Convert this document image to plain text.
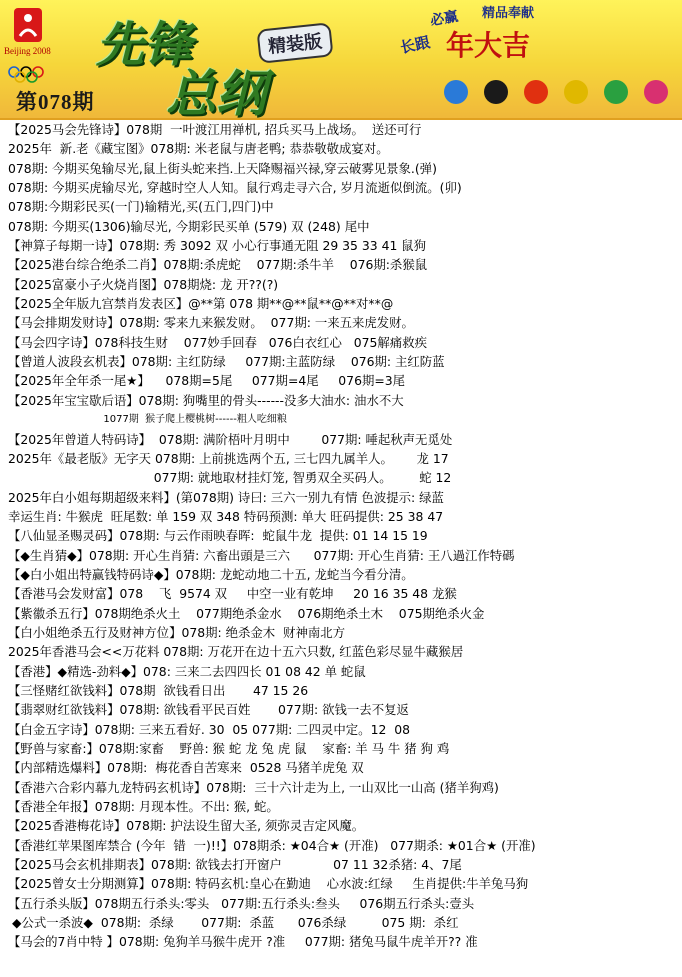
Beijing 2008
第078期
先锋
总纲
精装版
必赢 精品奉献
长跟 年大吉
【2025马会先锋诗】078期  一叶渡江用禅机, 招兵买马上战场。  送还可行
2025年  新.老《藏宝图》078期: 米老鼠与唐老鸭; 恭恭敬敬成宴对。
078期: 今期买兔输尽光,鼠上街头蛇来挡.上天降赐福兴禄,穿云破雾见景象.(弹)
078期: 今期买虎输尽光, 穿越时空人人知。鼠行鸡走寻六合, 岁月流逝似倒流。(卯)
078期:今期彩民买(一门)输精光,买(五门,四门)中
078期: 今期买(1306)输尽光, 今期彩民买单 (579) 双 (248) 尾中
【神算子每期一诗】078期: 秀 3092 双 小心行事通无阻 29 35 33 41 鼠狗
【2025港台综合绝杀二肖】078期:杀虎蛇    077期:杀牛羊    076期:杀猴鼠
【2025富豪小子火烧肖图】078期烧: 龙 开??(?)
【2025全年版九宫禁肖发表区】@**第 078 期**@**鼠**@**对**@
【马会排期发财诗】078期: 零来九来猴发财。  077期: 一来五来虎发财。
【马会四字诗】078科技生财    077妙手回春   076白衣红心   075解痛救疾
【曾道人波段玄机表】078期: 主红防绿     077期:主蓝防绿    076期: 主红防蓝
【2025年全年杀一尾★】    078期=5尾     077期=4尾     076期=3尾
【2025年宝宝歇后语】078期: 狗嘴里的骨头------没多大油水: 油水不大
1077期  猴子爬上樱桃树------粗人吃细粮
【2025年曾道人特码诗】  078期: 满阶梧叶月明中        077期: 唾起秋声无觅处
2025年《最老版》无字天 078期: 上前挑选两个五, 三七四九属羊人。      龙 17
077期: 就地取材挂灯笼, 智勇双全买码人。       蛇 12
2025年白小姐每期超级来料】(第078期) 诗曰: 三六一别九有情 色波提示: 绿蓝
幸运生肖: 牛猴虎  旺尾数: 单 159 双 348 特码预测: 单大 旺码提供: 25 38 47
【八仙显圣赐灵码】078期: 与云作雨映春晖:  蛇鼠牛龙  提供: 01 14 15 19
【◆生肖猜◆】078期: 开心生肖猜: 六畜出頭是三六      077期: 开心生肖猜: 王八過江作特碼
【◆白小姐出特赢钱特码诗◆】078期: 龙蛇动地二十五, 龙蛇当今看分清。
【香港马会发财富】078    飞  9574 双     中空一业有乾坤     20 16 35 48 龙猴
【紫徽杀五行】078期绝杀火土    077期绝杀金水    076期绝杀土木    075期绝杀火金
【白小姐绝杀五行及财神方位】078期: 绝杀金木  财神南北方
2025年香港马会<<万花料 078期: 万花开在边十五六只数, 红蓝色彩尽显牛藏猴居
【香港】◆精选-劲料◆】078: 三来二去四四长 01 08 42 单 蛇鼠
【三怪赌红欲钱料】078期  欲钱看日出       47 15 26
【翡翠财红欲钱料】078期: 欲钱看平民百姓       077期: 欲钱一去不复返
【白金五字诗】078期: 三来五看好. 30  05 077期: 二四灵中定。12  08
【野兽与家畜:】078期:家畜    野兽: 猴 蛇 龙 兔 虎 鼠    家畜: 羊 马 牛 猪 狗 鸡
【内部精选爆料】078期:  梅花香自苦寒来  0528 马猪羊虎兔 双
【香港六合彩内幕九龙特码玄机诗】078期:  三十六计走为上, 一山双比一山高 (猪羊狗鸡)
【香港全年报】078期: 月现本性。不出: 猴, 蛇。
【2025香港梅花诗】078期: 护法设生留大圣, 须弥灵吉定风魔。
【香港红苹果图库禁合 (今年  错  一)!!】078期杀: ★04合★ (开准)   077期杀: ★01合★ (开准)
【2025马会玄机排期表】078期: 欲钱去打开窗户             07 11 32杀猪: 4、7尾
【2025曾女士分期测算】078期: 特码玄机:皇心在勤迪    心水波:红绿     生肖提供:牛羊兔马狗
【五行杀头版】078期五行杀头:零头   077期:五行杀头:叁头     076期五行杀头:壹头
◆公式一杀波◆  078期:  杀绿       077期:  杀蓝      076杀绿         075 期:  杀红
【马会的7肖中特 】078期: 兔狗羊马猴牛虎开 ?准     077期: 猪兔马鼠牛虎羊开?? 准
